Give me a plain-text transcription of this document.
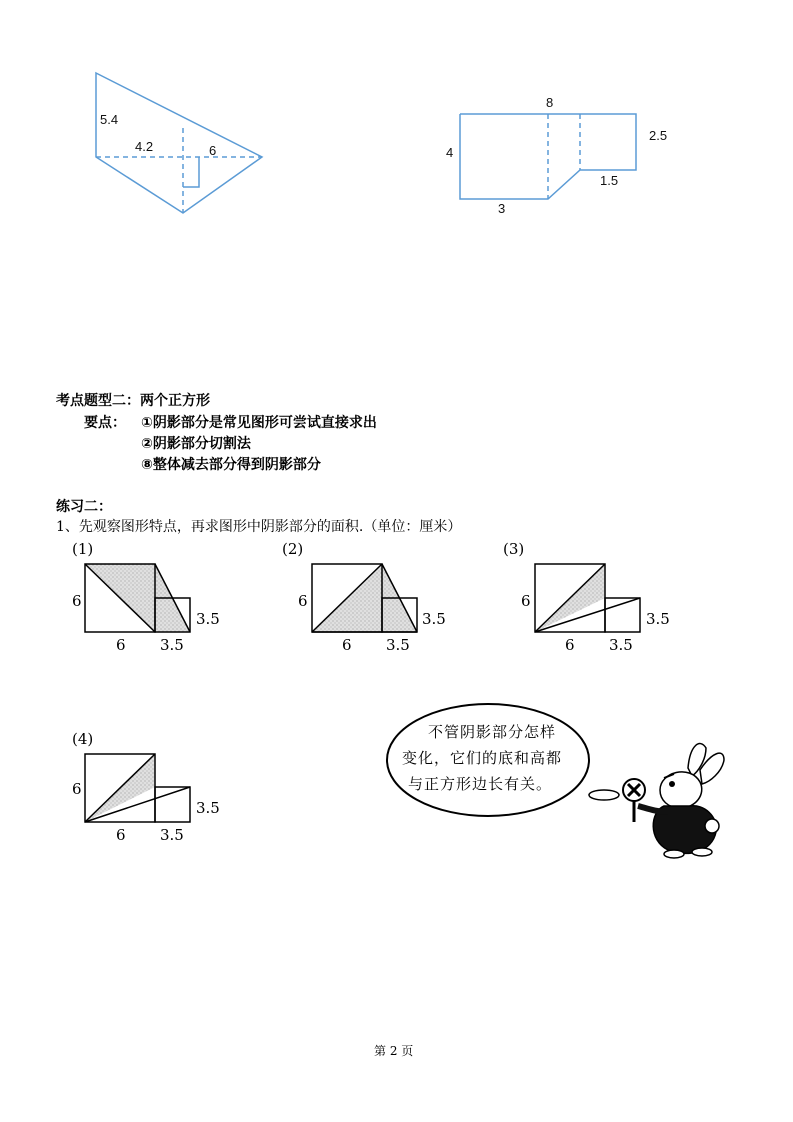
5.4
4.2	6
8
4
2.5
1.5
3
考点题型二：两个正方形
要点： ①阴影部分是常见图形可尝试直接求出
②阴影部分切割法
⑧整体减去部分得到阴影部分
练习二：
1、先观察图形特点，再求图形中阴影部分的面积.（单位：厘米）
(1)
6
3.5
6 3.5
(2)
6
3.5
6 3.5
(3)
6
3.5
6 3.5
(4)
6
3.5
6 3.5
不管阴影部分怎样
变化，它们的底和高都
与正方形边长有关。
第 2 页
